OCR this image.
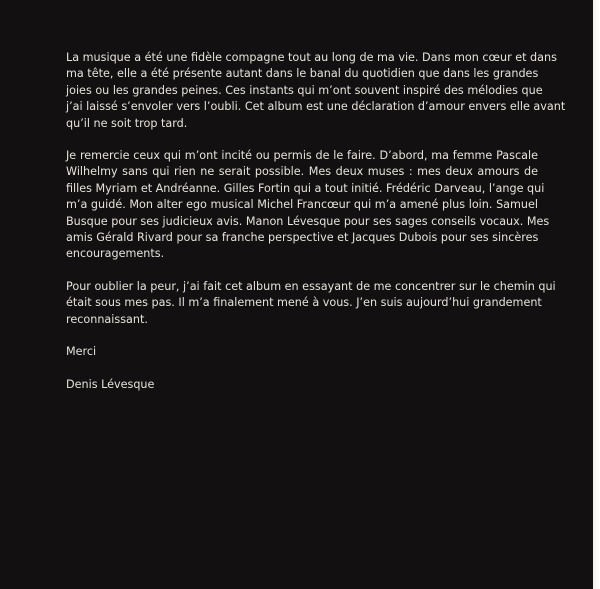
La musique a été une fidèle compagne tout au long de ma vie. Dans mon cœur et dans
ma tête, elle a été présente autant dans le banal du quotidien que dans les grandes
joies ou les grandes peines. Ces instants qui m’ont souvent inspiré des mélodies que
j’ai laissé s’envoler vers l’oubli. Cet album est une déclaration d’amour envers elle avant
qu’il ne soit trop tard.
Je remercie ceux qui m’ont incité ou permis de le faire. D’abord, ma femme Pascale
Wilhelmy sans qui rien ne serait possible. Mes deux muses : mes deux amours de
filles Myriam et Andréanne. Gilles Fortin qui a tout initié. Frédéric Darveau, l’ange qui
m’a guidé. Mon alter ego musical Michel Francœur qui m’a amené plus loin. Samuel
Busque pour ses judicieux avis. Manon Lévesque pour ses sages conseils vocaux. Mes
amis Gérald Rivard pour sa franche perspective et Jacques Dubois pour ses sincères
encouragements.
Pour oublier la peur, j’ai fait cet album en essayant de me concentrer sur le chemin qui
était sous mes pas. Il m’a finalement mené à vous. J’en suis aujourd’hui grandement
reconnaissant.
Merci
Denis Lévesque
